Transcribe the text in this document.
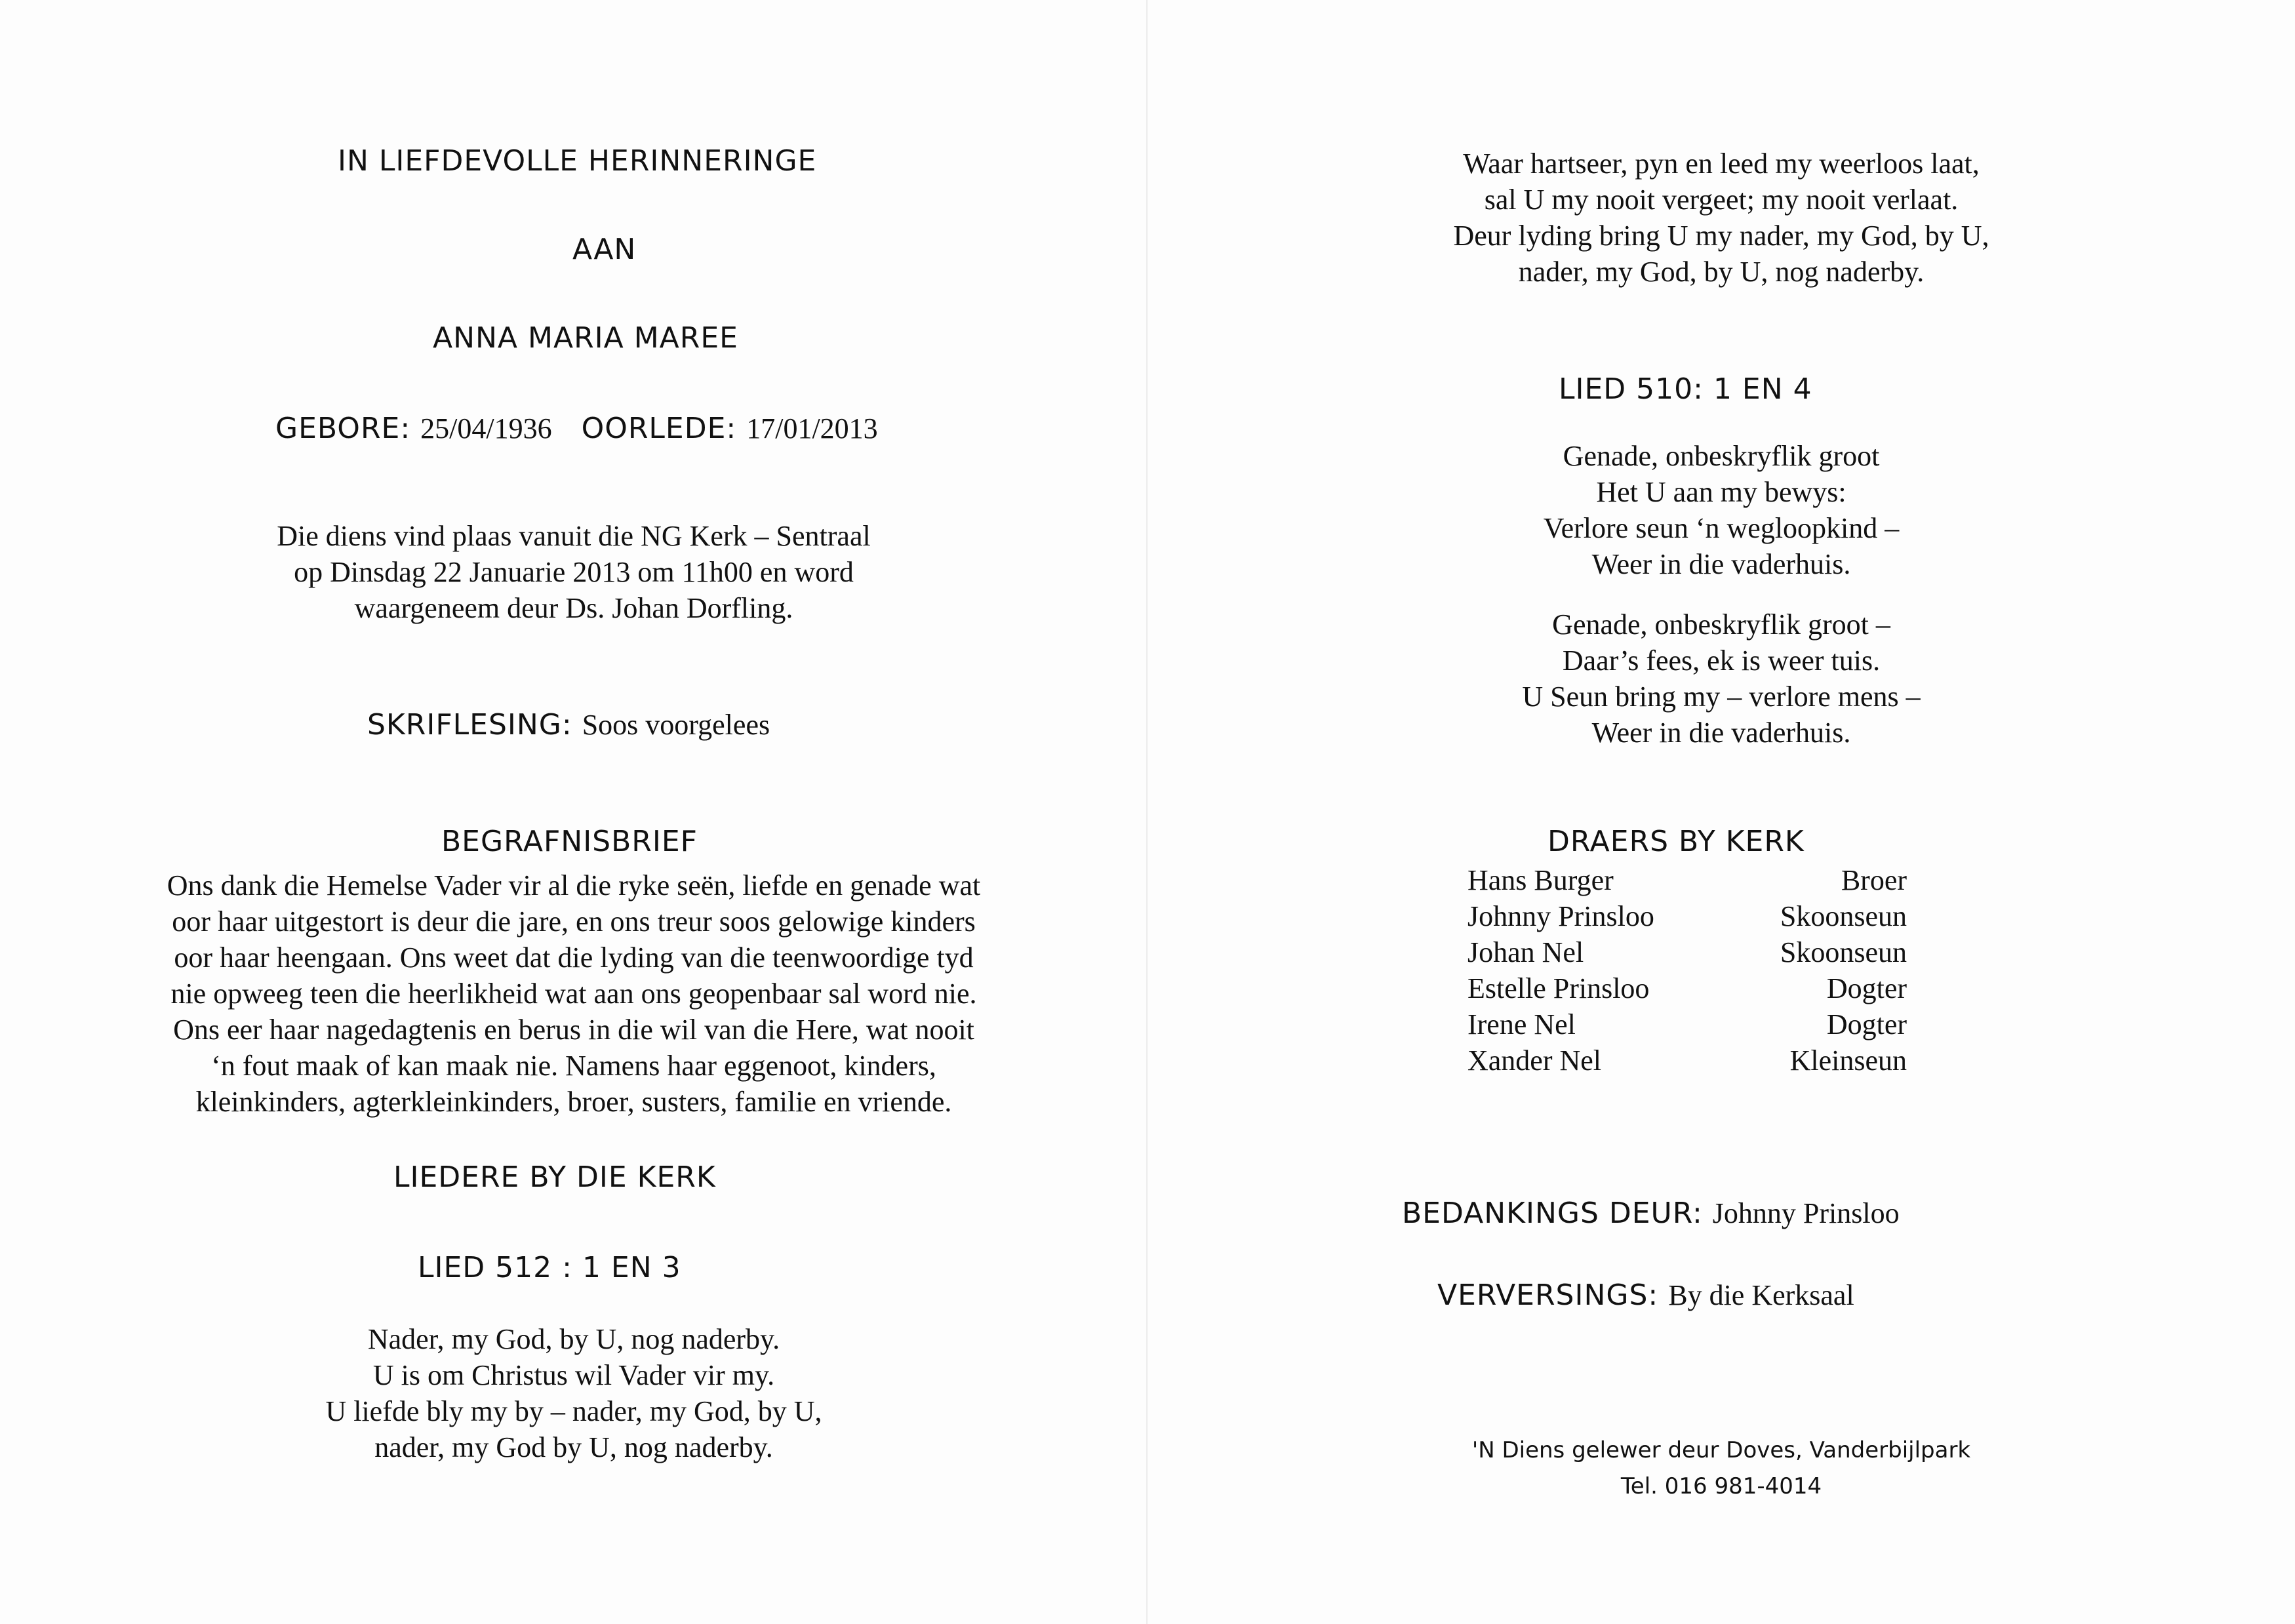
IN LIEFDEVOLLE HERINNERINGE
AAN
ANNA MARIA MAREE
GEBORE: 25/04/1936 OORLEDE: 17/01/2013
Die diens vind plaas vanuit die NG Kerk – Sentraal
op Dinsdag 22 Januarie 2013 om 11h00 en word
waargeneem deur Ds. Johan Dorfling.
SKRIFLESING: Soos voorgelees
BEGRAFNISBRIEF
Ons dank die Hemelse Vader vir al die ryke seën, liefde en genade wat
oor haar uitgestort is deur die jare, en ons treur soos gelowige kinders
oor haar heengaan. Ons weet dat die lyding van die teenwoordige tyd
nie opweeg teen die heerlikheid wat aan ons geopenbaar sal word nie.
Ons eer haar nagedagtenis en berus in die wil van die Here, wat nooit
‘n fout maak of kan maak nie. Namens haar eggenoot, kinders,
kleinkinders, agterkleinkinders, broer, susters, familie en vriende.
LIEDERE BY DIE KERK
LIED 512 : 1 EN 3
Nader, my God, by U, nog naderby.
U is om Christus wil Vader vir my.
U liefde bly my by – nader, my God, by U,
nader, my God by U, nog naderby.
Waar hartseer, pyn en leed my weerloos laat,
sal U my nooit vergeet; my nooit verlaat.
Deur lyding bring U my nader, my God, by U,
nader, my God, by U, nog naderby.
LIED 510: 1 EN 4
Genade, onbeskryflik groot
Het U aan my bewys:
Verlore seun ‘n wegloopkind –
Weer in die vaderhuis.
Genade, onbeskryflik groot –
Daar’s fees, ek is weer tuis.
U Seun bring my – verlore mens –
Weer in die vaderhuis.
DRAERS BY KERK
Hans Burger	Broer
Johnny Prinsloo	Skoonseun
Johan Nel	Skoonseun
Estelle Prinsloo	Dogter
Irene Nel	Dogter
Xander Nel	Kleinseun
BEDANKINGS DEUR: Johnny Prinsloo
VERVERSINGS: By die Kerksaal
'N Diens gelewer deur Doves, Vanderbijlpark
Tel. 016 981-4014
